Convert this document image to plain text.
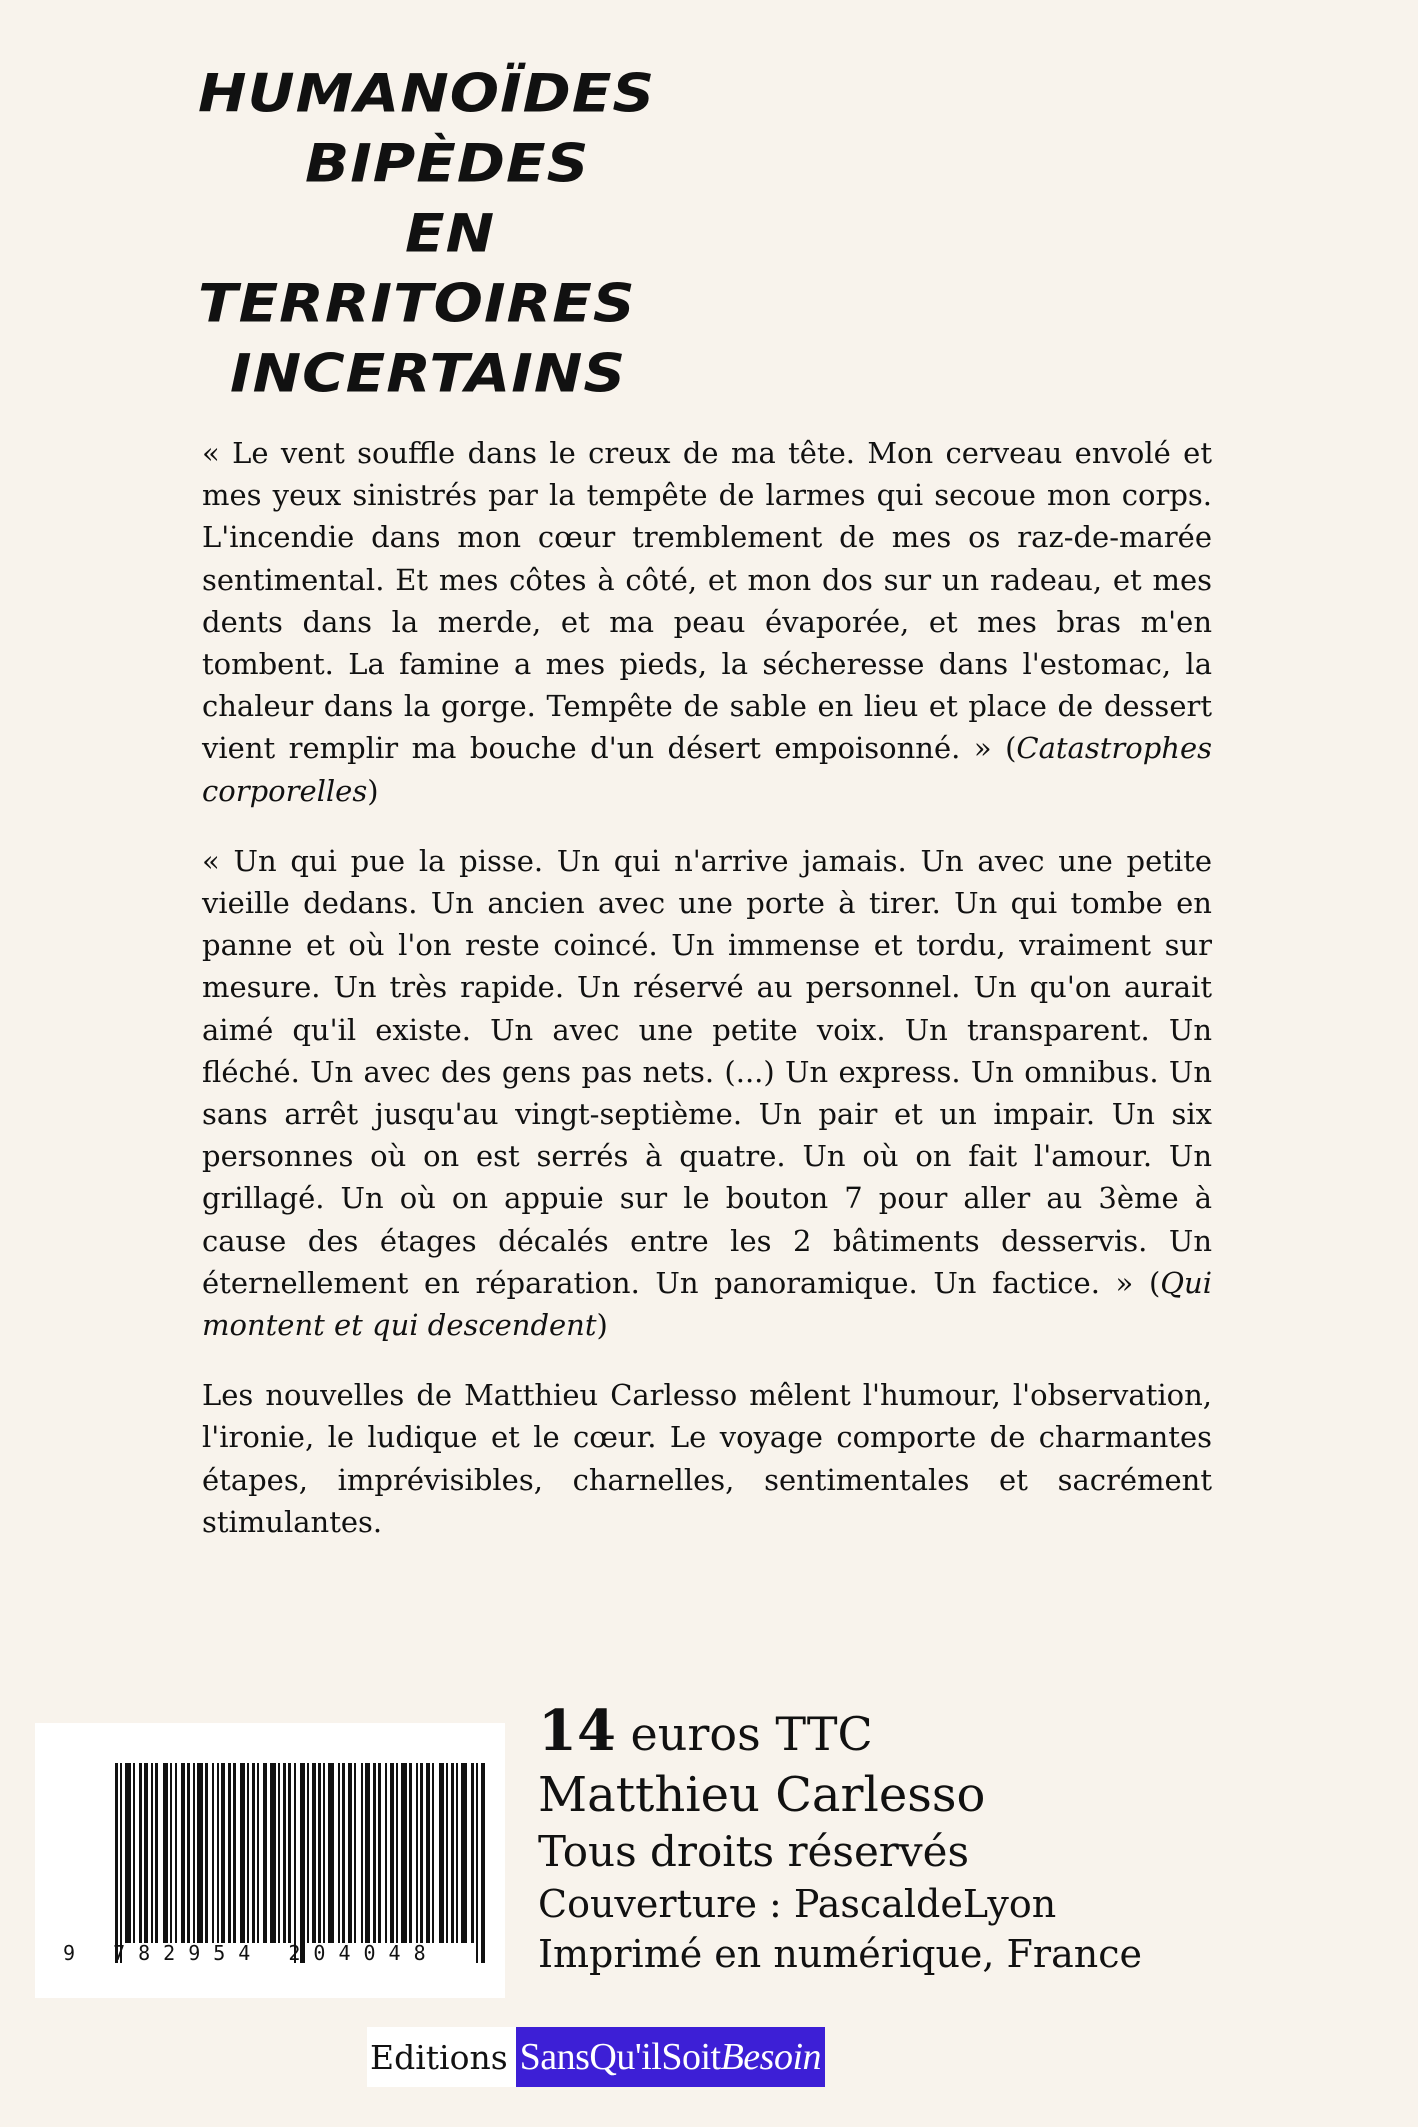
HUMANOÏDES
BIPÈDES
EN
TERRITOIRES
INCERTAINS

« Le vent souffle dans le creux de ma tête. Mon cerveau envolé et mes yeux sinistrés par la tempête de larmes qui secoue mon corps. L'incendie dans mon cœur tremblement de mes os raz-de-marée sentimental. Et mes côtes à côté, et mon dos sur un radeau, et mes dents dans la merde, et ma peau évaporée, et mes bras m'en tombent. La famine a mes pieds, la sécheresse dans l'estomac, la chaleur dans la gorge. Tempête de sable en lieu et place de dessert vient remplir ma bouche d'un désert empoisonné. » (Catastrophes corporelles)

« Un qui pue la pisse. Un qui n'arrive jamais. Un avec une petite vieille dedans. Un ancien avec une porte à tirer. Un qui tombe en panne et où l'on reste coincé. Un immense et tordu, vraiment sur mesure. Un très rapide. Un réservé au personnel. Un qu'on aurait aimé qu'il existe. Un avec une petite voix. Un transparent. Un fléché. Un avec des gens pas nets. (...) Un express. Un omnibus. Un sans arrêt jusqu'au vingt-septième. Un pair et un impair. Un six personnes où on est serrés à quatre. Un où on fait l'amour. Un grillagé. Un où on appuie sur le bouton 7 pour aller au 3ème à cause des étages décalés entre les 2 bâtiments desservis. Un éternellement en réparation. Un panoramique. Un factice. » (Qui montent et qui descendent)

Les nouvelles de Matthieu Carlesso mêlent l'humour, l'observation, l'ironie, le ludique et le cœur. Le voyage comporte de charmantes étapes, imprévisibles, charnelles, sentimentales et sacrément stimulantes.

9 782954 204048
14 euros TTC
Matthieu Carlesso
Tous droits réservés
Couverture : PascaldeLyon
Imprimé en numérique, France
Editions SansQu'ilSoit Besoin
